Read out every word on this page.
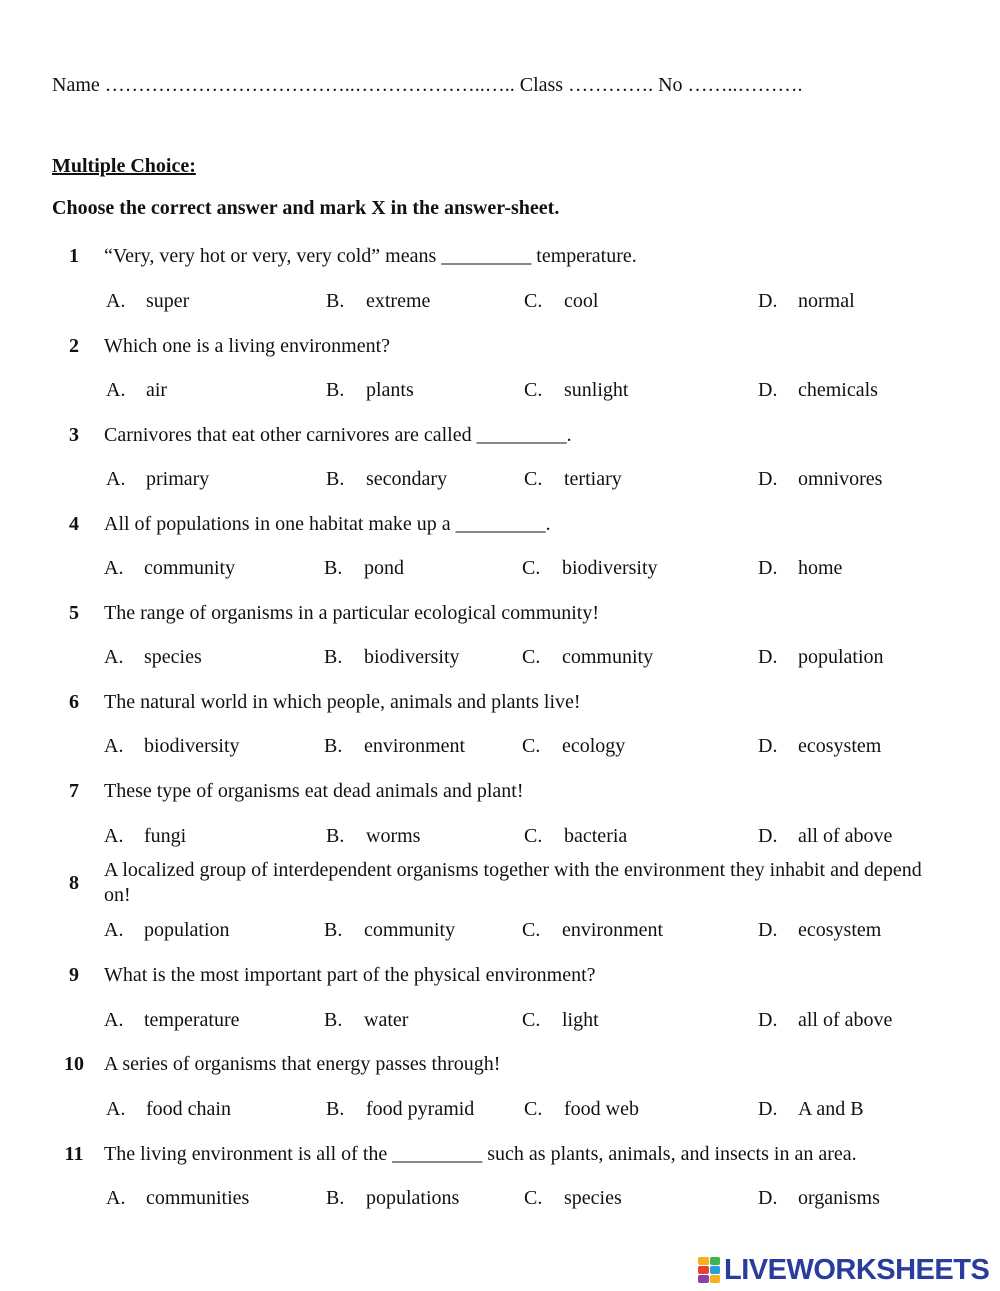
Name ………………………………..………………..….. Class …………. No ……..……….
Multiple Choice:
Choose the correct answer and mark X in the answer-sheet.
1	“Very, very hot or very, very cold” means _________ temperature.
A. super	B. extreme	C. cool	D. normal
2	Which one is a living environment?
A. air	B. plants	C. sunlight	D. chemicals
3	Carnivores that eat other carnivores are called _________.
A. primary	B. secondary	C. tertiary	D. omnivores
4	All of populations in one habitat make up a _________.
A. community	B. pond	C. biodiversity	D. home
5	The range of organisms in a particular ecological community!
A. species	B. biodiversity	C. community	D. population
6	The natural world in which people, animals and plants live!
A. biodiversity	B. environment	C. ecology	D. ecosystem
7	These type of organisms eat dead animals and plant!
A. fungi	B. worms	C. bacteria	D. all of above
8
A localized group of interdependent organisms together with the environment they inhabit and depend on!
A. population	B. community	C. environment	D. ecosystem
9	What is the most important part of the physical environment?
A. temperature	B. water	C. light	D. all of above
10	A series of organisms that energy passes through!
A. food chain	B. food pyramid C. food web	D. A and B
11	The living environment is all of the _________ such as plants, animals, and insects in an area.
A. communities	B. populations	C. species	D. organisms
LIVEWORKSHEETS
